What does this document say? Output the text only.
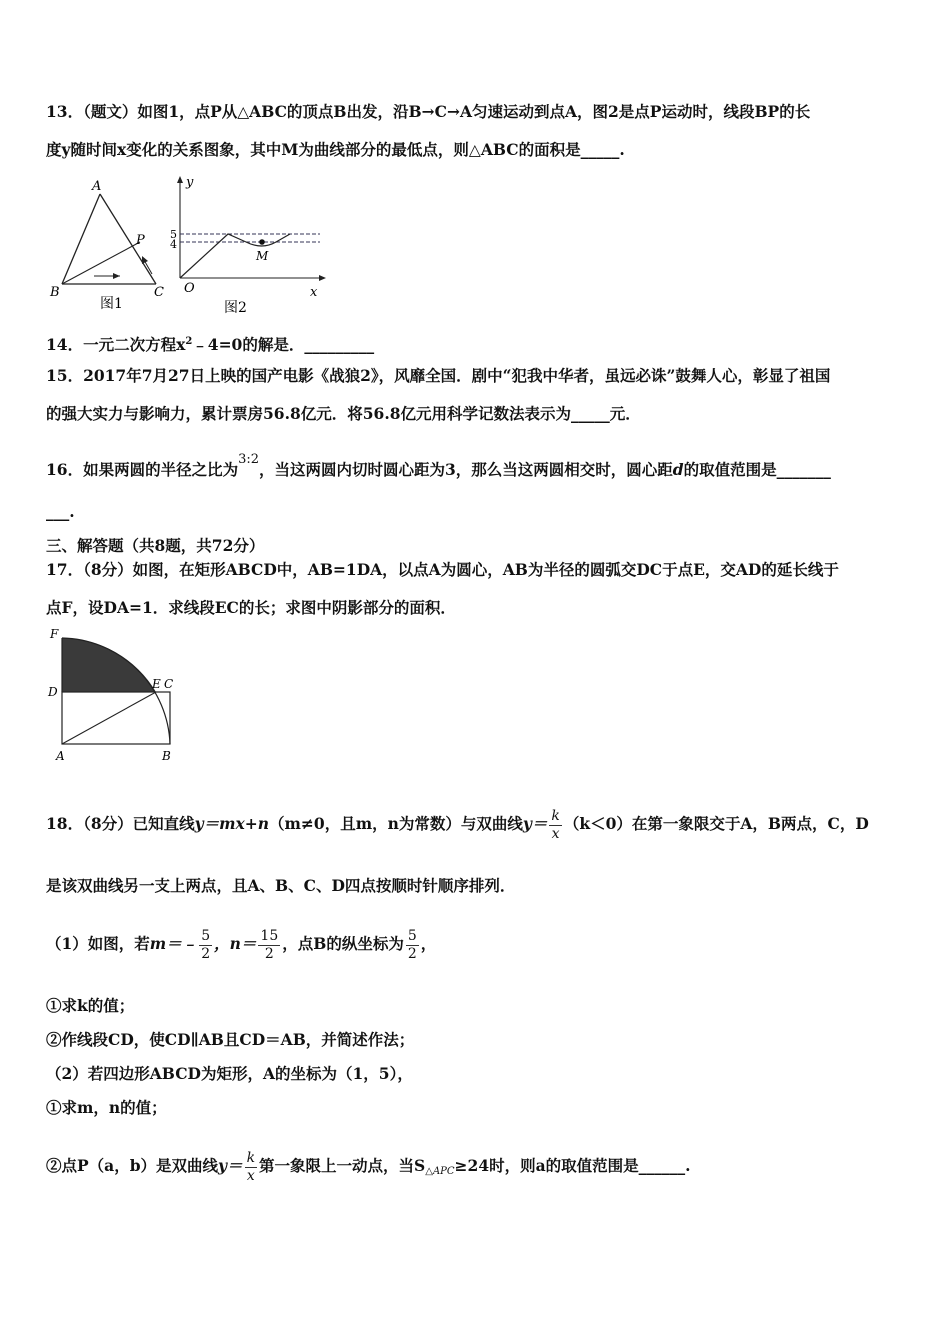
13．（题文）如图1，点P从△ABC的顶点B出发，沿B→C→A匀速运动到点A，图2是点P运动时，线段BP的长
度y随时间x变化的关系图象，其中M为曲线部分的最低点，则△ABC的面积是_____.
A
B	C
P
图1
y
x
O
5
4
M
图2
14．一元二次方程$x^2﹣4=0$的解是．_________
15．2017年7月27日上映的国产电影《战狼2》，风靡全国．剧中“犯我中华者，虽远必诛”鼓舞人心，彰显了祖国
的强大实力与影响力，累计票房56.8亿元．将56.8亿元用科学记数法表示为_____元．
16．如果两圆的半径之比为$^{3:2}$，当这两圆内切时圆心距为3，那么当这两圆相交时，圆心距d的取值范围是_______
___.
三、解答题（共8题，共72分）
17．（8分）如图，在矩形ABCD中，AB=1DA，以点A为圆心，AB为半径的圆弧交DC于点E，交AD的延长线于
点F，设DA=1．求线段EC的长；求图中阴影部分的面积．
F
D
E C
A	B
18．（8分）已知直线y＝mx+n（m≠0，且m，n为常数）与双曲线$y= \frac{k}{x} (k<0)$在第一象限交于A，B两点，C，D
是该双曲线另一支上两点，且A、B、C、D四点按顺时针顺序排列．
（1）如图，若m＝﹣ $\frac{5}{2}$ ，$n= \frac{15}{2}$ ，点B的纵坐标为 $\frac{5}{2}$ ，
①求k的值；
②作线段CD，使CD∥AB且CD＝AB，并简述作法；
（2）若四边形ABCD为矩形，A的坐标为（1，5），
①求m，n的值；
②点P（a，b）是双曲线$y= \frac{k}{x}$ 第一象限上一动点，当$S_{\triangle APC}\ge 24$时，则a的取值范围是______.
